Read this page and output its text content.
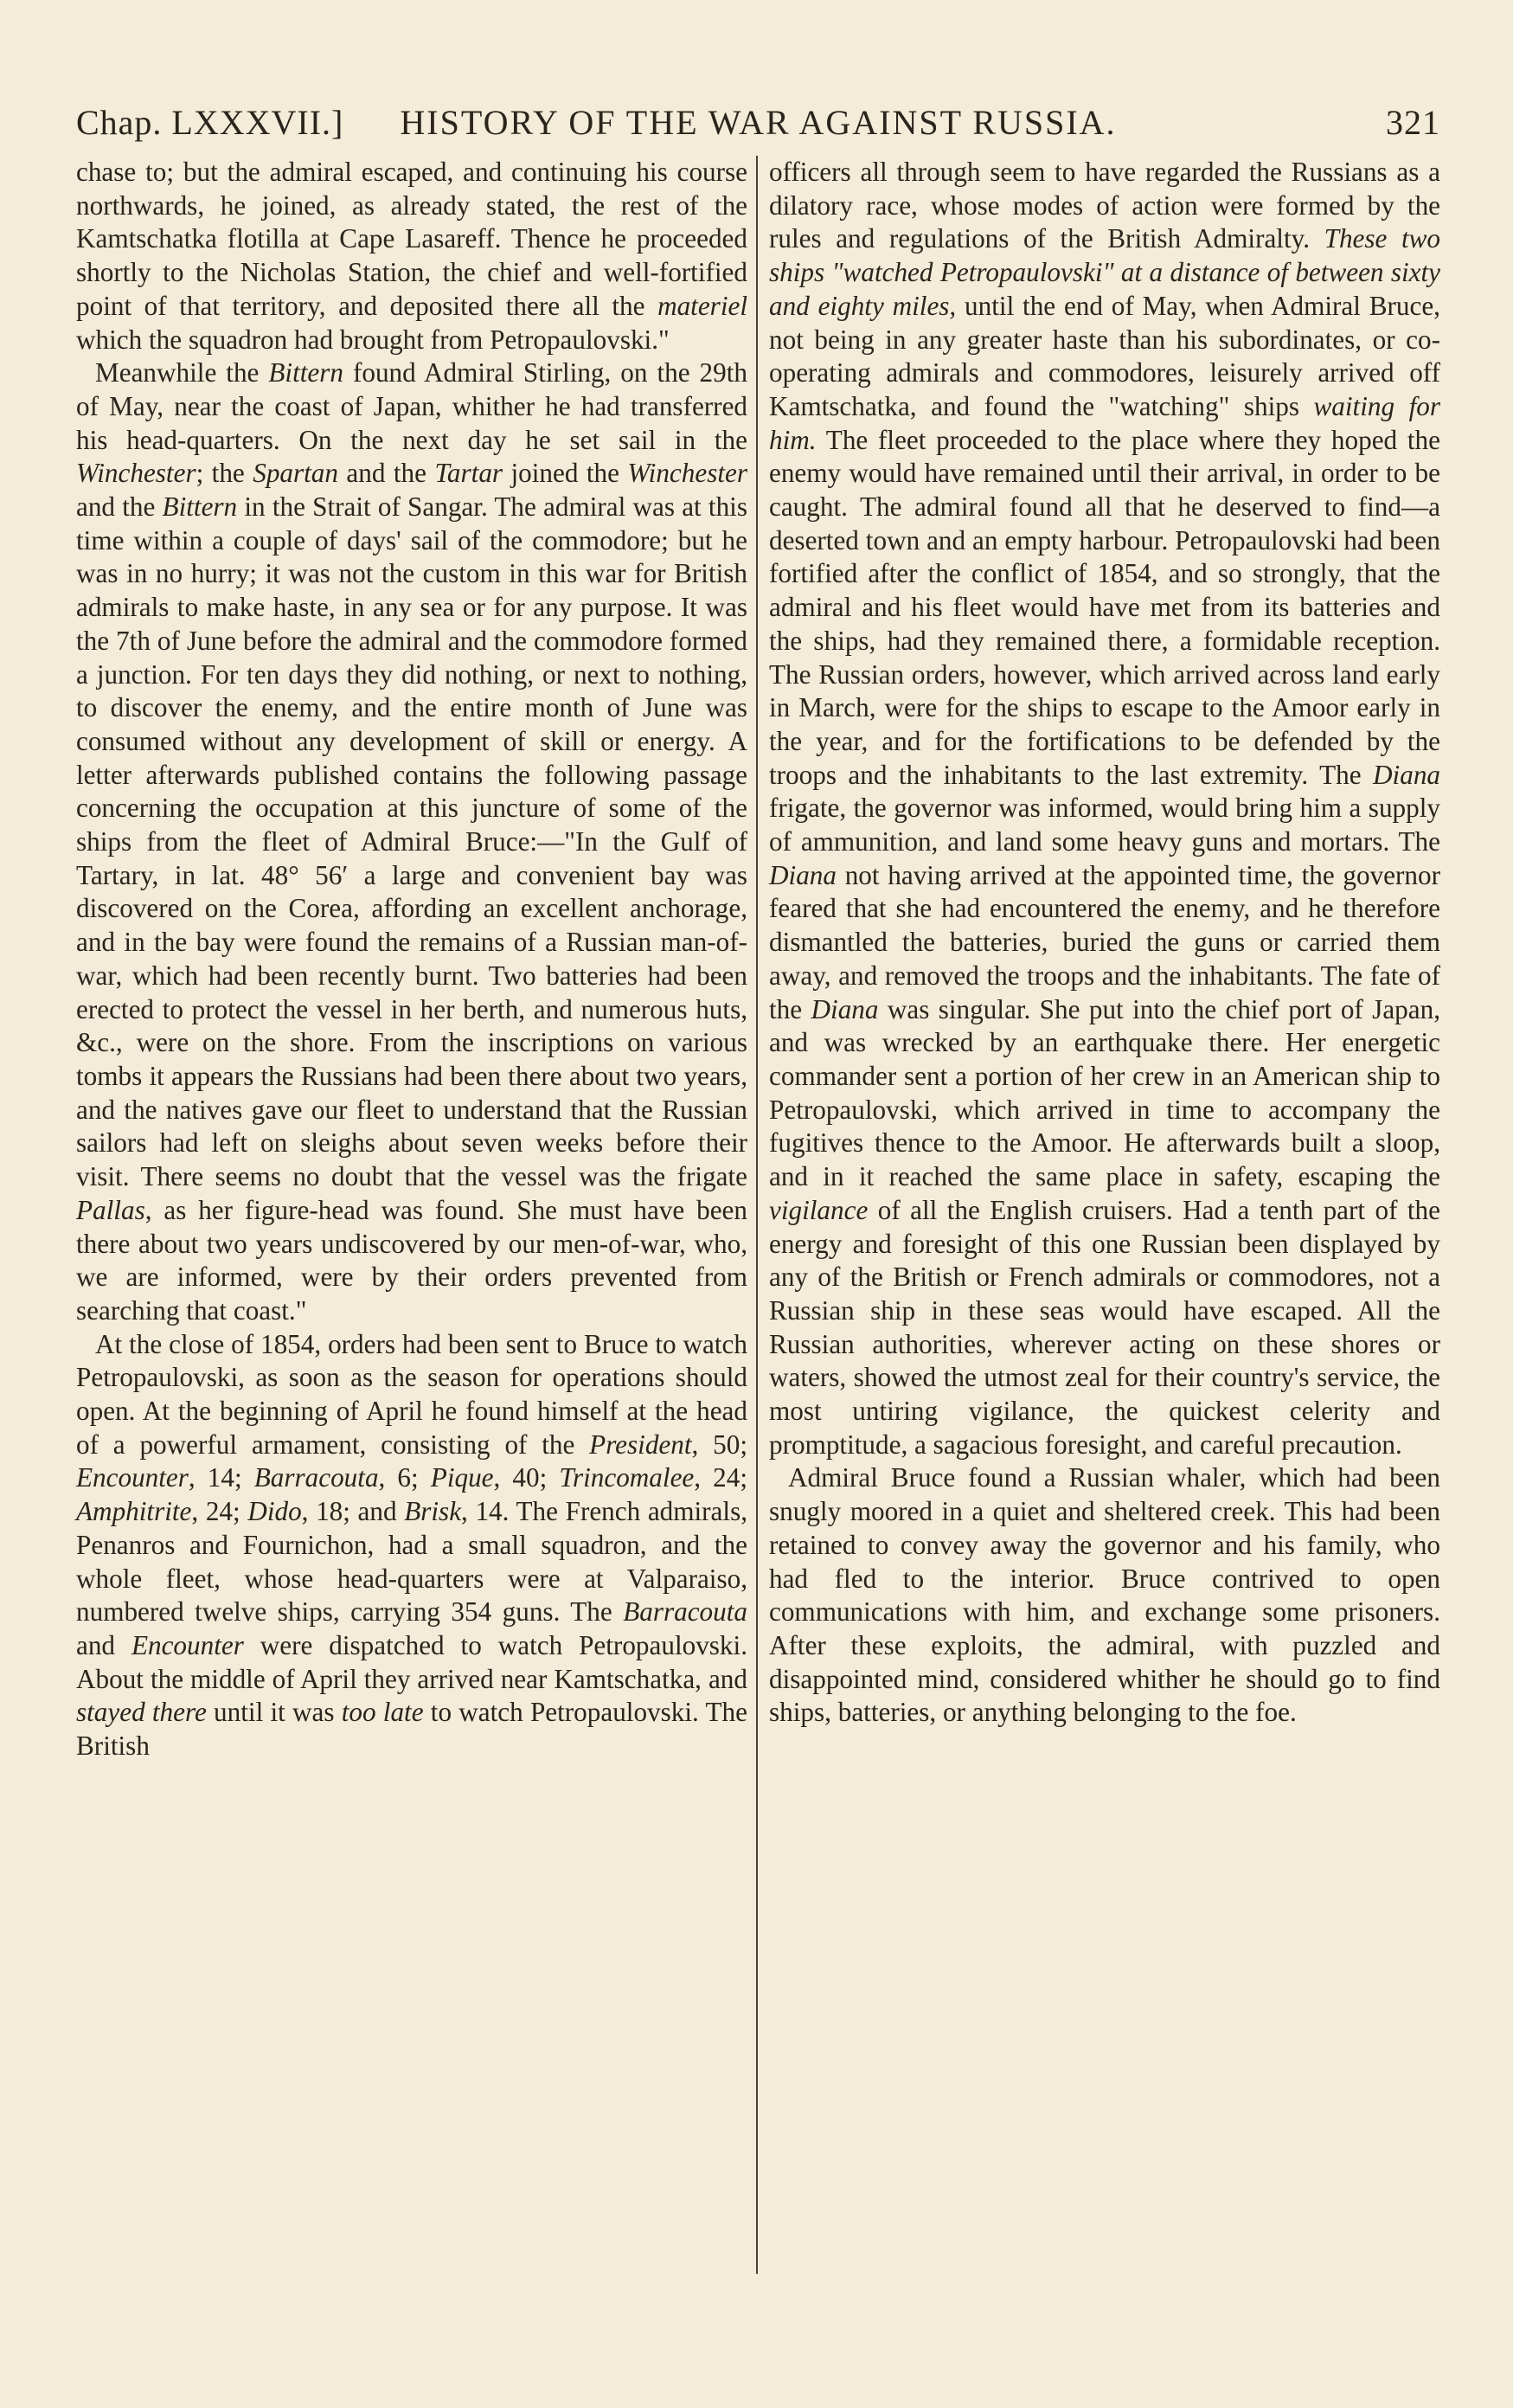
Chap. LXXXVII.]	HISTORY OF THE WAR AGAINST RUSSIA.	321

chase to; but the admiral escaped, and continuing his course northwards, he joined, as already stated, the rest of the Kamtschatka flotilla at Cape Lasareff. Thence he proceeded shortly to the Nicholas Station, the chief and well-fortified point of that territory, and deposited there all the materiel which the squadron had brought from Petropaulovski."

Meanwhile the Bittern found Admiral Stirling, on the 29th of May, near the coast of Japan, whither he had transferred his head-quarters. On the next day he set sail in the Winchester; the Spartan and the Tartar joined the Winchester and the Bittern in the Strait of Sangar. The admiral was at this time within a couple of days' sail of the commodore; but he was in no hurry; it was not the custom in this war for British admirals to make haste, in any sea or for any purpose. It was the 7th of June before the admiral and the commodore formed a junction. For ten days they did nothing, or next to nothing, to discover the enemy, and the entire month of June was consumed without any development of skill or energy. A letter afterwards published contains the following passage concerning the occupation at this juncture of some of the ships from the fleet of Admiral Bruce:—"In the Gulf of Tartary, in lat. 48° 56′ a large and convenient bay was discovered on the Corea, affording an excellent anchorage, and in the bay were found the remains of a Russian man-of-war, which had been recently burnt. Two batteries had been erected to protect the vessel in her berth, and numerous huts, &c., were on the shore. From the inscriptions on various tombs it appears the Russians had been there about two years, and the natives gave our fleet to understand that the Russian sailors had left on sleighs about seven weeks before their visit. There seems no doubt that the vessel was the frigate Pallas, as her figure-head was found. She must have been there about two years undiscovered by our men-of-war, who, we are informed, were by their orders prevented from searching that coast."

At the close of 1854, orders had been sent to Bruce to watch Petropaulovski, as soon as the season for operations should open. At the beginning of April he found himself at the head of a powerful armament, consisting of the President, 50; Encounter, 14; Barracouta, 6; Pique, 40; Trincomalee, 24; Amphitrite, 24; Dido, 18; and Brisk, 14. The French admirals, Penanros and Fournichon, had a small squadron, and the whole fleet, whose head-quarters were at Valparaiso, numbered twelve ships, carrying 354 guns. The Barracouta and Encounter were dispatched to watch Petropaulovski. About the middle of April they arrived near Kamtschatka, and stayed there until it was too late to watch Petropaulovski. The British

officers all through seem to have regarded the Russians as a dilatory race, whose modes of action were formed by the rules and regulations of the British Admiralty. These two ships "watched Petropaulovski" at a distance of between sixty and eighty miles, until the end of May, when Admiral Bruce, not being in any greater haste than his subordinates, or co-operating admirals and commodores, leisurely arrived off Kamtschatka, and found the "watching" ships waiting for him. The fleet proceeded to the place where they hoped the enemy would have remained until their arrival, in order to be caught. The admiral found all that he deserved to find—a deserted town and an empty harbour. Petropaulovski had been fortified after the conflict of 1854, and so strongly, that the admiral and his fleet would have met from its batteries and the ships, had they remained there, a formidable reception. The Russian orders, however, which arrived across land early in March, were for the ships to escape to the Amoor early in the year, and for the fortifications to be defended by the troops and the inhabitants to the last extremity. The Diana frigate, the governor was informed, would bring him a supply of ammunition, and land some heavy guns and mortars. The Diana not having arrived at the appointed time, the governor feared that she had encountered the enemy, and he therefore dismantled the batteries, buried the guns or carried them away, and removed the troops and the inhabitants. The fate of the Diana was singular. She put into the chief port of Japan, and was wrecked by an earthquake there. Her energetic commander sent a portion of her crew in an American ship to Petropaulovski, which arrived in time to accompany the fugitives thence to the Amoor. He afterwards built a sloop, and in it reached the same place in safety, escaping the vigilance of all the English cruisers. Had a tenth part of the energy and foresight of this one Russian been displayed by any of the British or French admirals or commodores, not a Russian ship in these seas would have escaped. All the Russian authorities, wherever acting on these shores or waters, showed the utmost zeal for their country's service, the most untiring vigilance, the quickest celerity and promptitude, a sagacious foresight, and careful precaution.

Admiral Bruce found a Russian whaler, which had been snugly moored in a quiet and sheltered creek. This had been retained to convey away the governor and his family, who had fled to the interior. Bruce contrived to open communications with him, and exchange some prisoners. After these exploits, the admiral, with puzzled and disappointed mind, considered whither he should go to find ships, batteries, or anything belonging to the foe.
